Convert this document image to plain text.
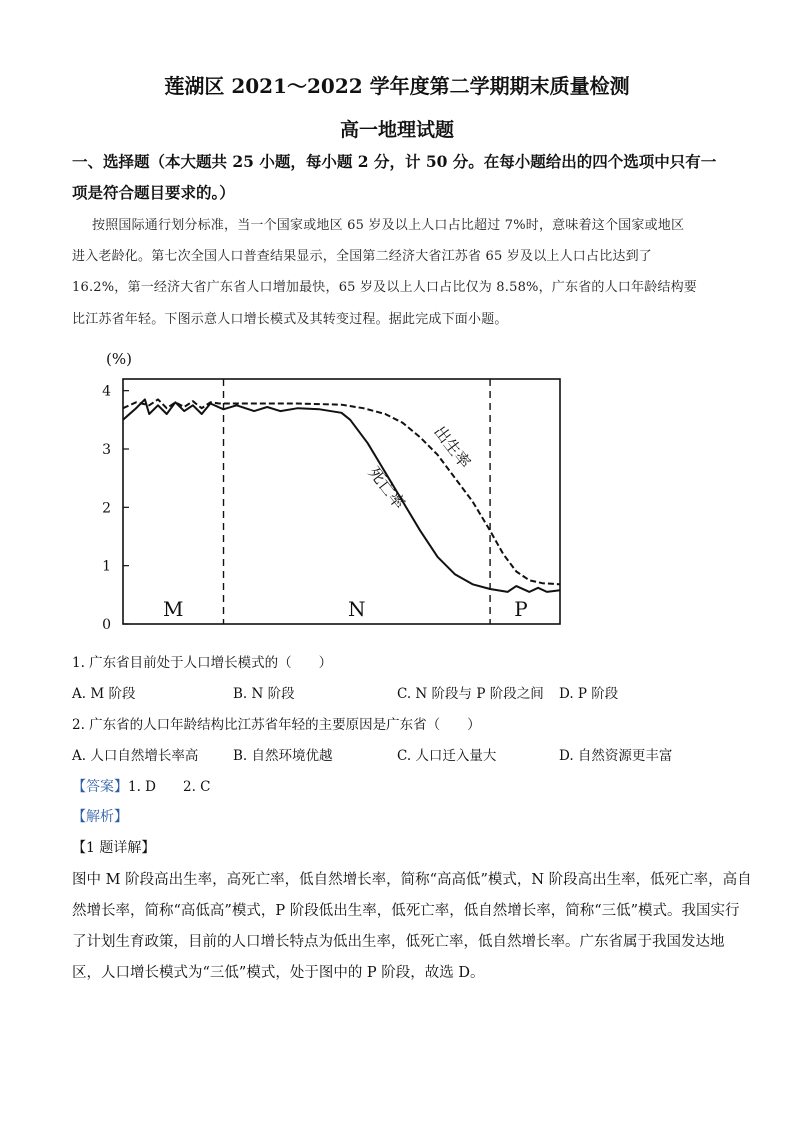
莲湖区 2021～2022 学年度第二学期期末质量检测
高一地理试题
一、选择题（本大题共 25 小题，每小题 2 分，计 50 分。在每小题给出的四个选项中只有一
项是符合题目要求的。）
按照国际通行划分标准，当一个国家或地区 65 岁及以上人口占比超过 7%时，意味着这个国家或地区
进入老龄化。第七次全国人口普查结果显示，全国第二经济大省江苏省 65 岁及以上人口占比达到了
16.2%，第一经济大省广东省人口增加最快，65 岁及以上人口占比仅为 8.58%，广东省的人口年龄结构要
比江苏省年轻。下图示意人口增长模式及其转变过程。据此完成下面小题。
(%)
0
1
2
3
4
M	N	P
出生率
死亡率
1. 广东省目前处于人口增长模式的（　　）
A. M 阶段	B. N 阶段	C. N 阶段与 P 阶段之间 D. P 阶段
2. 广东省的人口年龄结构比江苏省年轻的主要原因是广东省（　　）
A. 人口自然增长率高	B. 自然环境优越	C. 人口迁入量大	D. 自然资源更丰富
【答案】1. D　　2. C
【解析】
【1 题详解】
图中 M 阶段高出生率，高死亡率，低自然增长率，简称“高高低”模式，N 阶段高出生率，低死亡率，高自
然增长率，简称“高低高”模式，P 阶段低出生率，低死亡率，低自然增长率，简称“三低”模式。我国实行
了计划生育政策，目前的人口增长特点为低出生率，低死亡率，低自然增长率。广东省属于我国发达地
区，人口增长模式为“三低”模式，处于图中的 P 阶段，故选 D。
